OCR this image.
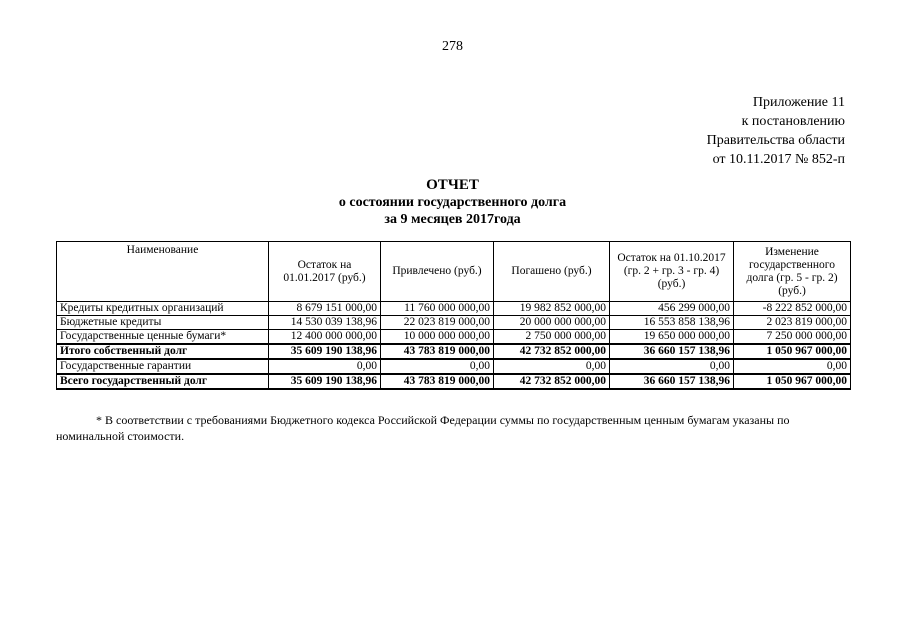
278
Приложение 11
к постановлению
Правительства области
от 10.11.2017 № 852-п
ОТЧЕТ
о состоянии государственного долга
за 9 месяцев 2017года
Наименование	Остаток на 01.01.2017 (руб.)	Привлечено (руб.)	Погашено (руб.)	Остаток на 01.10.2017 (гр. 2 + гр. 3 - гр. 4) (руб.)	Изменение государственного долга (гр. 5 - гр. 2) (руб.)
Кредиты кредитных организаций	8 679 151 000,00	11 760 000 000,00	19 982 852 000,00	456 299 000,00	-8 222 852 000,00
Бюджетные кредиты	14 530 039 138,96	22 023 819 000,00	20 000 000 000,00	16 553 858 138,96	2 023 819 000,00
Государственные ценные бумаги*	12 400 000 000,00	10 000 000 000,00	2 750 000 000,00	19 650 000 000,00	7 250 000 000,00
Итого собственный долг	35 609 190 138,96	43 783 819 000,00	42 732 852 000,00	36 660 157 138,96	1 050 967 000,00
Государственные гарантии	0,00	0,00	0,00	0,00	0,00
Всего государственный долг	35 609 190 138,96	43 783 819 000,00	42 732 852 000,00	36 660 157 138,96	1 050 967 000,00
* В соответствии с требованиями Бюджетного кодекса Российской Федерации суммы по государственным ценным бумагам указаны по номинальной стоимости.
